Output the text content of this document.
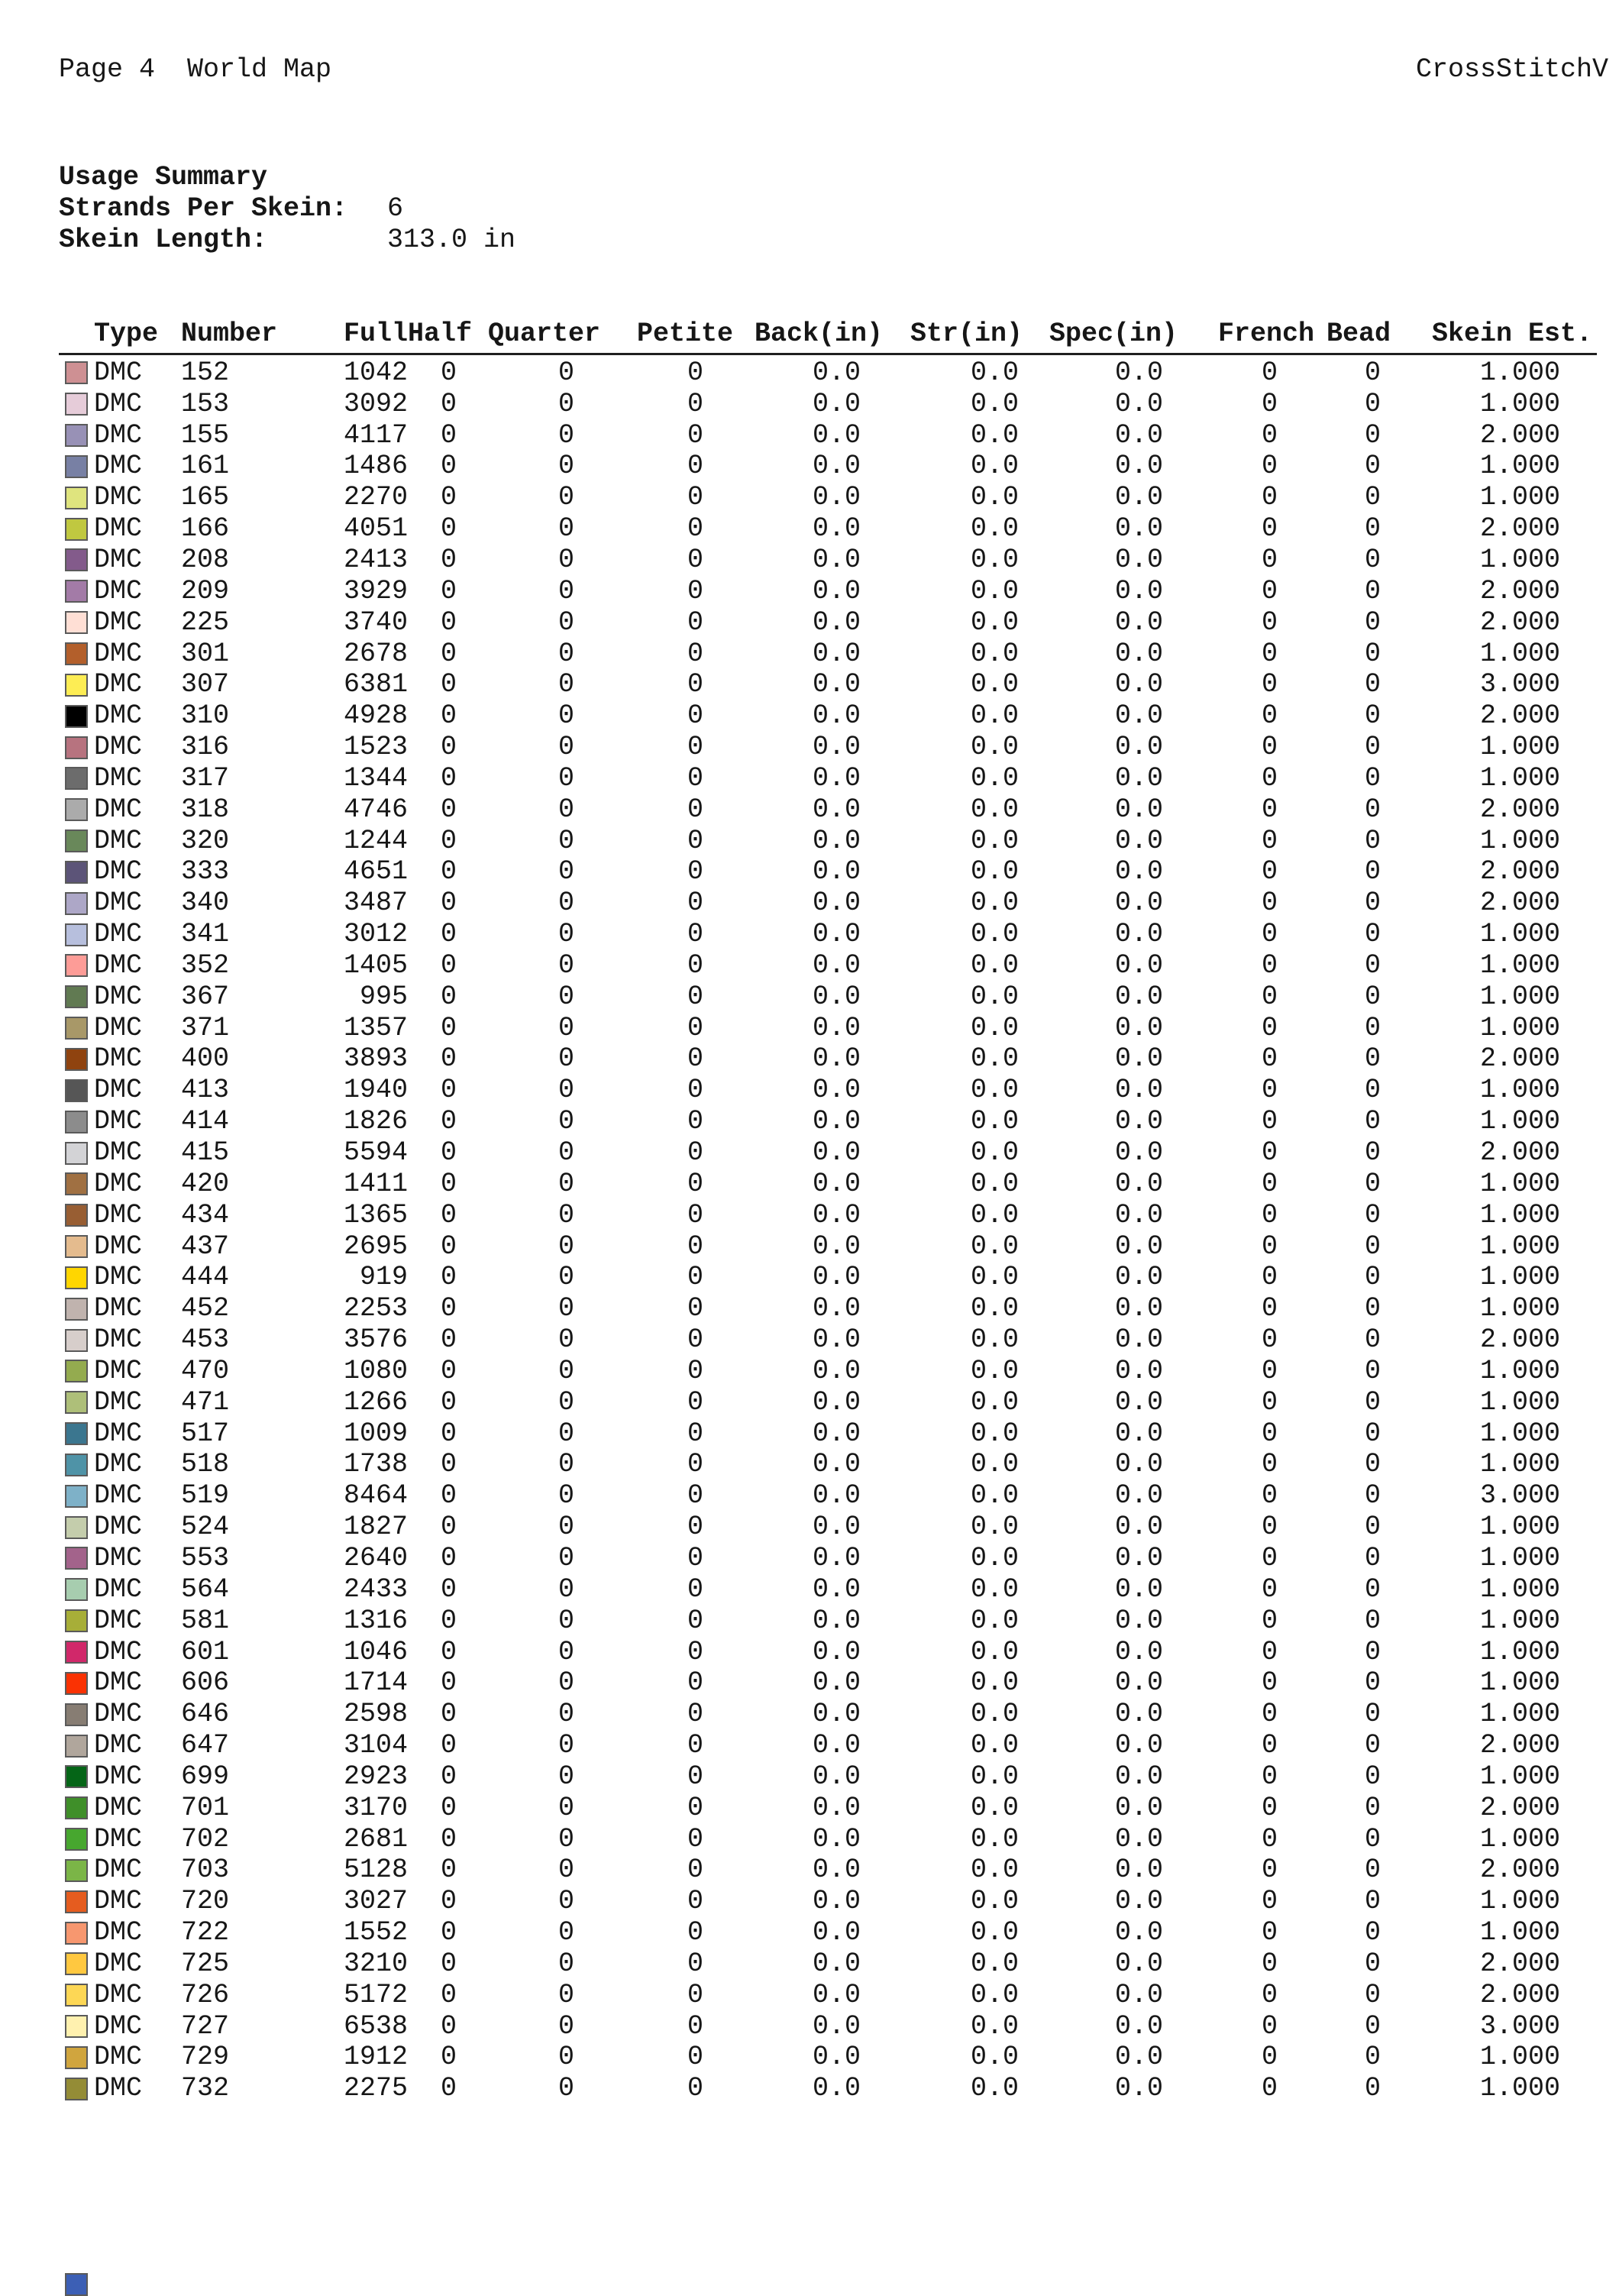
Page 4  World Map	CrossStitchV
Usage Summary
Strands Per Skein:	6
Skein Length:	313.0 in
Type Number	Full Half Quarter	Petite Back(in)	Str(in) Spec(in)	French Bead	Skein Est.
DMC	152	1042	0	0	0	0.0	0.0	0.0	0	0	1.000
DMC	153	3092	0	0	0	0.0	0.0	0.0	0	0	1.000
DMC	155	4117	0	0	0	0.0	0.0	0.0	0	0	2.000
DMC	161	1486	0	0	0	0.0	0.0	0.0	0	0	1.000
DMC	165	2270	0	0	0	0.0	0.0	0.0	0	0	1.000
DMC	166	4051	0	0	0	0.0	0.0	0.0	0	0	2.000
DMC	208	2413	0	0	0	0.0	0.0	0.0	0	0	1.000
DMC	209	3929	0	0	0	0.0	0.0	0.0	0	0	2.000
DMC	225	3740	0	0	0	0.0	0.0	0.0	0	0	2.000
DMC	301	2678	0	0	0	0.0	0.0	0.0	0	0	1.000
DMC	307	6381	0	0	0	0.0	0.0	0.0	0	0	3.000
DMC	310	4928	0	0	0	0.0	0.0	0.0	0	0	2.000
DMC	316	1523	0	0	0	0.0	0.0	0.0	0	0	1.000
DMC	317	1344	0	0	0	0.0	0.0	0.0	0	0	1.000
DMC	318	4746	0	0	0	0.0	0.0	0.0	0	0	2.000
DMC	320	1244	0	0	0	0.0	0.0	0.0	0	0	1.000
DMC	333	4651	0	0	0	0.0	0.0	0.0	0	0	2.000
DMC	340	3487	0	0	0	0.0	0.0	0.0	0	0	2.000
DMC	341	3012	0	0	0	0.0	0.0	0.0	0	0	1.000
DMC	352	1405	0	0	0	0.0	0.0	0.0	0	0	1.000
DMC	367	995	0	0	0	0.0	0.0	0.0	0	0	1.000
DMC	371	1357	0	0	0	0.0	0.0	0.0	0	0	1.000
DMC	400	3893	0	0	0	0.0	0.0	0.0	0	0	2.000
DMC	413	1940	0	0	0	0.0	0.0	0.0	0	0	1.000
DMC	414	1826	0	0	0	0.0	0.0	0.0	0	0	1.000
DMC	415	5594	0	0	0	0.0	0.0	0.0	0	0	2.000
DMC	420	1411	0	0	0	0.0	0.0	0.0	0	0	1.000
DMC	434	1365	0	0	0	0.0	0.0	0.0	0	0	1.000
DMC	437	2695	0	0	0	0.0	0.0	0.0	0	0	1.000
DMC	444	919	0	0	0	0.0	0.0	0.0	0	0	1.000
DMC	452	2253	0	0	0	0.0	0.0	0.0	0	0	1.000
DMC	453	3576	0	0	0	0.0	0.0	0.0	0	0	2.000
DMC	470	1080	0	0	0	0.0	0.0	0.0	0	0	1.000
DMC	471	1266	0	0	0	0.0	0.0	0.0	0	0	1.000
DMC	517	1009	0	0	0	0.0	0.0	0.0	0	0	1.000
DMC	518	1738	0	0	0	0.0	0.0	0.0	0	0	1.000
DMC	519	8464	0	0	0	0.0	0.0	0.0	0	0	3.000
DMC	524	1827	0	0	0	0.0	0.0	0.0	0	0	1.000
DMC	553	2640	0	0	0	0.0	0.0	0.0	0	0	1.000
DMC	564	2433	0	0	0	0.0	0.0	0.0	0	0	1.000
DMC	581	1316	0	0	0	0.0	0.0	0.0	0	0	1.000
DMC	601	1046	0	0	0	0.0	0.0	0.0	0	0	1.000
DMC	606	1714	0	0	0	0.0	0.0	0.0	0	0	1.000
DMC	646	2598	0	0	0	0.0	0.0	0.0	0	0	1.000
DMC	647	3104	0	0	0	0.0	0.0	0.0	0	0	2.000
DMC	699	2923	0	0	0	0.0	0.0	0.0	0	0	1.000
DMC	701	3170	0	0	0	0.0	0.0	0.0	0	0	2.000
DMC	702	2681	0	0	0	0.0	0.0	0.0	0	0	1.000
DMC	703	5128	0	0	0	0.0	0.0	0.0	0	0	2.000
DMC	720	3027	0	0	0	0.0	0.0	0.0	0	0	1.000
DMC	722	1552	0	0	0	0.0	0.0	0.0	0	0	1.000
DMC	725	3210	0	0	0	0.0	0.0	0.0	0	0	2.000
DMC	726	5172	0	0	0	0.0	0.0	0.0	0	0	2.000
DMC	727	6538	0	0	0	0.0	0.0	0.0	0	0	3.000
DMC	729	1912	0	0	0	0.0	0.0	0.0	0	0	1.000
DMC	732	2275	0	0	0	0.0	0.0	0.0	0	0	1.000
